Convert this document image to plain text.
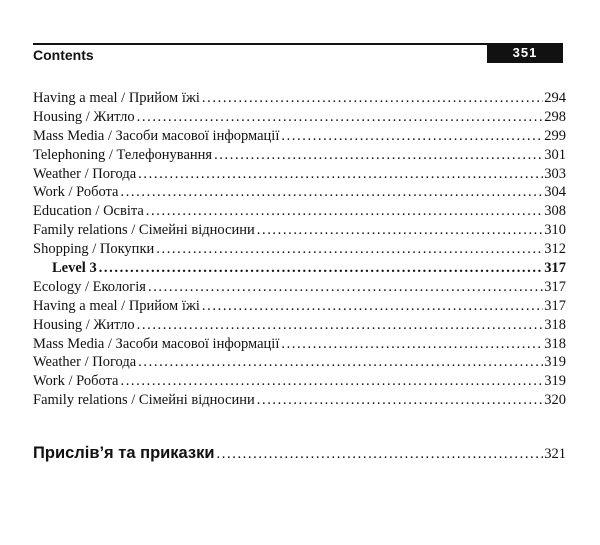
Contents	351
Having a meal / Прийом їжі .....	294
Housing / Житло .....	298
Mass Media / Засоби масової інформації .....	299
Telephoning / Телефонування .....	301
Weather / Погода .....	303
Work / Робота .....	304
Education / Освіта .....	308
Family relations / Сімейні відносини .....	310
Shopping / Покупки .....	312
Level 3 .....	317
Ecology / Екологія .....	317
Having a meal / Прийом їжі .....	317
Housing / Житло .....	318
Mass Media / Засоби масової інформації .....	318
Weather / Погода .....	319
Work / Робота .....	319
Family relations / Сімейні відносини .....	320
Прислів’я та приказки .....	321
